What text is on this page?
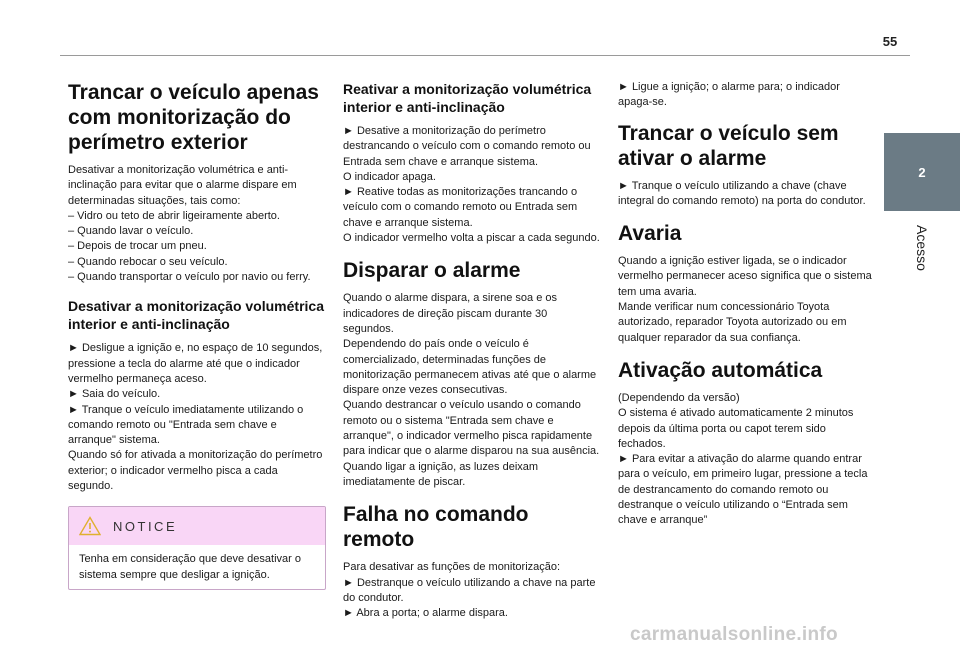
55
2
Acesso
Trancar o veículo apenas com monitorização do perímetro exterior

Desativar a monitorização volumétrica e anti-inclinação para evitar que o alarme dispare em determinadas situações, tais como:

– Vidro ou teto de abrir ligeiramente aberto.

– Quando lavar o veículo.

– Depois de trocar um pneu.

– Quando rebocar o seu veículo.

– Quando transportar o veículo por navio ou ferry.

Desativar a monitorização volumétrica interior e anti-inclinação

► Desligue a ignição e, no espaço de 10 segundos, pressione a tecla do alarme até que o indicador vermelho permaneça aceso.

► Saia do veículo.

► Tranque o veículo imediatamente utilizando o comando remoto ou "Entrada sem chave e arranque" sistema.

Quando só for ativada a monitorização do perímetro exterior; o indicador vermelho pisca a cada segundo.

NOTICE

Tenha em consideração que deve desativar o sistema sempre que desligar a ignição.

Reativar a monitorização volumétrica interior e anti-inclinação

► Desative a monitorização do perímetro destrancando o veículo com o comando remoto ou Entrada sem chave e arranque sistema.

O indicador apaga.

► Reative todas as monitorizações trancando o veículo com o comando remoto ou Entrada sem chave e arranque sistema.

O indicador vermelho volta a piscar a cada segundo.

Disparar o alarme

Quando o alarme dispara, a sirene soa e os indicadores de direção piscam durante 30 segundos.

Dependendo do país onde o veículo é comercializado, determinadas funções de monitorização permanecem ativas até que o alarme dispare onze vezes consecutivas.

Quando destrancar o veículo usando o comando remoto ou o sistema "Entrada sem chave e arranque", o indicador vermelho pisca rapidamente para indicar que o alarme disparou na sua ausência. Quando ligar a ignição, as luzes deixam imediatamente de piscar.

Falha no comando remoto

Para desativar as funções de monitorização:

► Destranque o veículo utilizando a chave na parte do condutor.

► Abra a porta; o alarme dispara.

► Ligue a ignição; o alarme para; o indicador apaga-se.

Trancar o veículo sem ativar o alarme

► Tranque o veículo utilizando a chave (chave integral do comando remoto) na porta do condutor.

Avaria

Quando a ignição estiver ligada, se o indicador vermelho permanecer aceso significa que o sistema tem uma avaria.

Mande verificar num concessionário Toyota autorizado, reparador Toyota autorizado ou em qualquer reparador da sua confiança.

Ativação automática

(Dependendo da versão)

O sistema é ativado automaticamente 2 minutos depois da última porta ou capot terem sido fechados.

► Para evitar a ativação do alarme quando entrar para o veículo, em primeiro lugar, pressione a tecla de destrancamento do comando remoto ou destranque o veículo utilizando o “Entrada sem chave e arranque”

carmanualsonline.info
